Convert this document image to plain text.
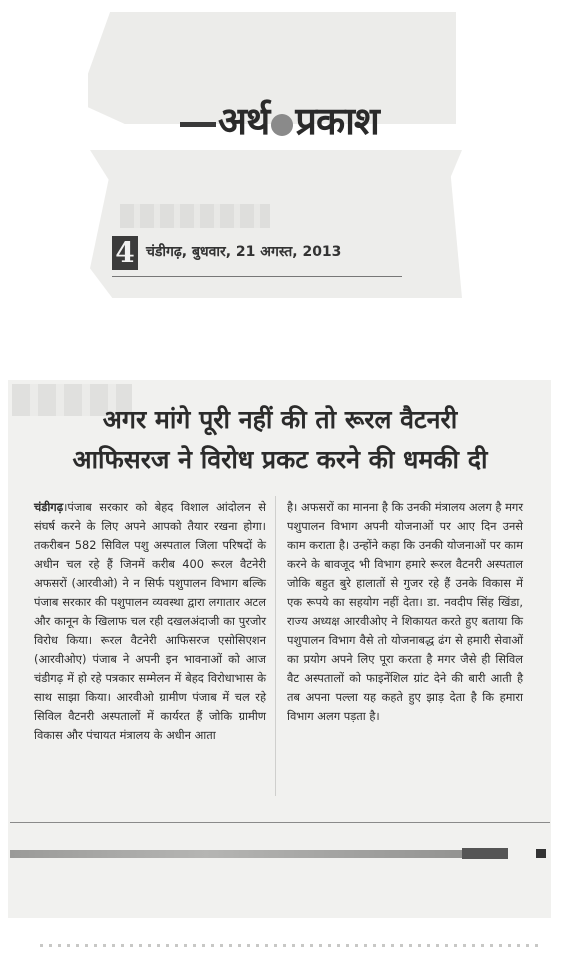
अर्थ प्रकाश
4 चंडीगढ़, बुधवार, 21 अगस्त, 2013
अगर मांगे पूरी नहीं की तो रूरल वैटनरी
आफिसरज ने विरोध प्रकट करने की धमकी दी
चंडीगढ़।पंजाब सरकार को बेहद विशाल आंदोलन से संघर्ष करने के लिए अपने आपको तैयार रखना होगा। तकरीबन 582 सिविल पशु अस्पताल जिला परिषदों के अधीन चल रहे हैं जिनमें करीब 400 रूरल वैटनेरी अफसरों (आरवीओ) ने न सिर्फ पशुपालन विभाग बल्कि पंजाब सरकार की पशुपालन व्यवस्था द्वारा लगातार अटल और कानून के खिलाफ चल रही दखलअंदाजी का पुरजोर विरोध किया। रूरल वैटनेरी आफिसरज एसोसिएशन (आरवीओए) पंजाब ने अपनी इन भावनाओं को आज चंडीगढ़ में हो रहे पत्रकार सम्मेलन में बेहद विरोधाभास के साथ साझा किया। आरवीओ ग्रामीण पंजाब में चल रहे सिविल वैटनरी अस्पतालों में कार्यरत हैं जोकि ग्रामीण विकास और पंचायत मंत्रालय के अधीन आता
है। अफसरों का मानना है कि उनकी मंत्रालय अलग है मगर पशुपालन विभाग अपनी योजनाओं पर आए दिन उनसे काम कराता है। उन्होंने कहा कि उनकी योजनाओं पर काम करने के बावजूद भी विभाग हमारे रूरल वैटनरी अस्पताल जोकि बहुत बुरे हालातों से गुजर रहे हैं उनके विकास में एक रूपये का सहयोग नहीं देता। डा. नवदीप सिंह खिंडा, राज्य अध्यक्ष आरवीओए ने शिकायत करते हुए बताया कि पशुपालन विभाग वैसे तो योजनाबद्ध ढंग से हमारी सेवाओं का प्रयोग अपने लिए पूरा करता है मगर जैसे ही सिविल वैट अस्पतालों को फाइनेंशिल ग्रांट देने की बारी आती है तब अपना पल्ला यह कहते हुए झाड़ देता है कि हमारा विभाग अलग पड़ता है।
